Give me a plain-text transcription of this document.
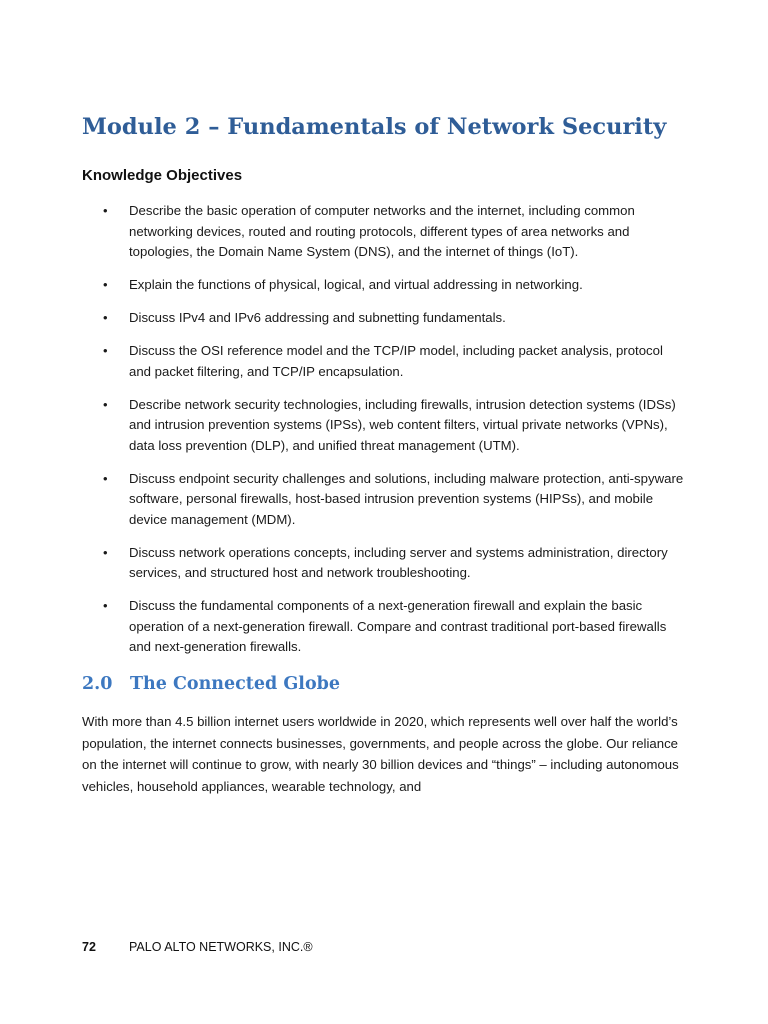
Module 2 – Fundamentals of Network Security
Knowledge Objectives
• Describe the basic operation of computer networks and the internet, including common networking devices, routed and routing protocols, different types of area networks and topologies, the Domain Name System (DNS), and the internet of things (IoT).
• Explain the functions of physical, logical, and virtual addressing in networking.
• Discuss IPv4 and IPv6 addressing and subnetting fundamentals.
• Discuss the OSI reference model and the TCP/IP model, including packet analysis, protocol and packet filtering, and TCP/IP encapsulation.
• Describe network security technologies, including firewalls, intrusion detection systems (IDSs) and intrusion prevention systems (IPSs), web content filters, virtual private networks (VPNs), data loss prevention (DLP), and unified threat management (UTM).
• Discuss endpoint security challenges and solutions, including malware protection, anti-spyware software, personal firewalls, host-based intrusion prevention systems (HIPSs), and mobile device management (MDM).
• Discuss network operations concepts, including server and systems administration, directory services, and structured host and network troubleshooting.
• Discuss the fundamental components of a next-generation firewall and explain the basic operation of a next-generation firewall. Compare and contrast traditional port-based firewalls and next-generation firewalls.
2.0 The Connected Globe

With more than 4.5 billion internet users worldwide in 2020, which represents well over half the world’s population, the internet connects businesses, governments, and people across the globe. Our reliance on the internet will continue to grow, with nearly 30 billion devices and “things” – including autonomous vehicles, household appliances, wearable technology, and

72	PALO ALTO NETWORKS, INC.®
